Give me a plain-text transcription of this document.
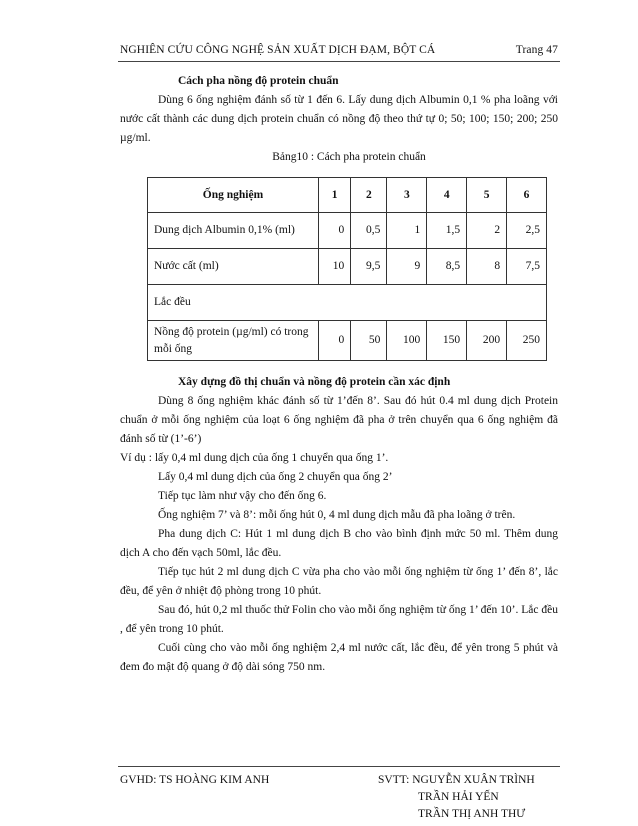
NGHIÊN CỨU CÔNG NGHỆ SẢN XUẤT DỊCH ĐẠM, BỘT CÁ	Trang 47

Cách pha nồng độ protein chuẩn

Dùng 6 ống nghiệm đánh số từ 1 đến 6. Lấy dung dịch Albumin 0,1 % pha loãng với nước cất thành các dung dịch protein chuẩn có nồng độ theo thứ tự 0; 50; 100; 150; 200; 250 µg/ml.

Bảng10 : Cách pha protein chuẩn

Ống nghiệm	1	2	3	4	5	6
Dung dịch Albumin 0,1% (ml)	0	0,5	1	1,5	2	2,5
Nước cất (ml)	10	9,5	9	8,5	8	7,5
Lắc đều						
Nồng độ protein (µg/ml) có trong mỗi ống	0	50	100	150	200	250

Xây dựng đồ thị chuẩn và nồng độ protein cần xác định

Dùng 8 ống nghiệm khác đánh số từ 1’đến 8’. Sau đó hút 0.4 ml dung dịch Protein chuẩn ở mỗi ống nghiệm của loạt 6 ống nghiệm đã pha ở trên chuyển qua 6 ống nghiệm đã đánh số từ (1’-6’)

Ví dụ : lấy 0,4 ml dung dịch của ống 1 chuyển qua ống 1’.

Lấy 0,4 ml dung dịch của ống 2 chuyển qua ống 2’

Tiếp tục làm như vậy cho đến ống 6.

Ống nghiệm 7’ và 8’: mỗi ống hút 0, 4 ml dung dịch mẫu đã pha loãng ở trên.

Pha dung dịch C: Hút 1 ml dung dịch B cho vào bình định mức 50 ml. Thêm dung dịch A cho đến vạch 50ml, lắc đều.

Tiếp tục hút 2 ml dung dịch C vừa pha cho vào mỗi ống nghiệm từ ống 1’ đến 8’, lắc đều, để yên ở nhiệt độ phòng trong 10 phút.

Sau đó, hút 0,2 ml thuốc thử Folin cho vào mỗi ống nghiệm từ ống 1’ đến 10’. Lắc đều , để yên trong 10 phút.

Cuối cùng cho vào mỗi ống nghiệm 2,4 ml nước cất, lắc đều, để yên trong 5 phút và đem đo mật độ quang ở độ dài sóng 750 nm.

GVHD: TS HOÀNG KIM ANH	SVTT: NGUYỄN XUÂN TRÌNH
TRẦN HẢI YẾN
TRẦN THỊ ANH THƯ
